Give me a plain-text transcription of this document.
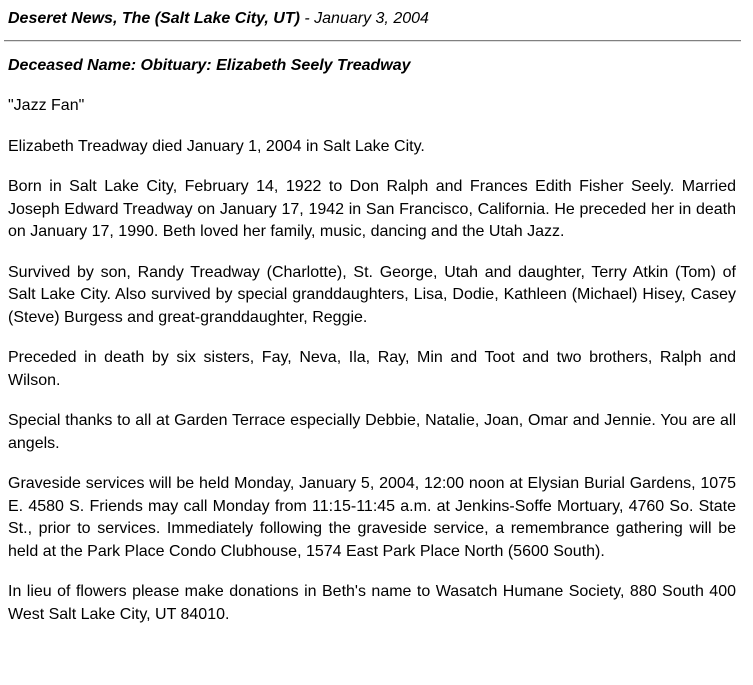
Deseret News, The (Salt Lake City, UT) - January 3, 2004
Deceased Name: Obituary: Elizabeth Seely Treadway

"Jazz Fan"

Elizabeth Treadway died January 1, 2004 in Salt Lake City.

Born in Salt Lake City, February 14, 1922 to Don Ralph and Frances Edith Fisher Seely. Married Joseph Edward Treadway on January 17, 1942 in San Francisco, California. He preceded her in death on January 17, 1990. Beth loved her family, music, dancing and the Utah Jazz.

Survived by son, Randy Treadway (Charlotte), St. George, Utah and daughter, Terry Atkin (Tom) of Salt Lake City. Also survived by special granddaughters, Lisa, Dodie, Kathleen (Michael) Hisey, Casey (Steve) Burgess and great-granddaughter, Reggie.

Preceded in death by six sisters, Fay, Neva, Ila, Ray, Min and Toot and two brothers, Ralph and Wilson.

Special thanks to all at Garden Terrace especially Debbie, Natalie, Joan, Omar and Jennie. You are all angels.

Graveside services will be held Monday, January 5, 2004, 12:00 noon at Elysian Burial Gardens, 1075 E. 4580 S. Friends may call Monday from 11:15-11:45 a.m. at Jenkins-Soffe Mortuary, 4760 So. State St., prior to services. Immediately following the graveside service, a remembrance gathering will be held at the Park Place Condo Clubhouse, 1574 East Park Place North (5600 South).

In lieu of flowers please make donations in Beth's name to Wasatch Humane Society, 880 South 400 West Salt Lake City, UT 84010.
